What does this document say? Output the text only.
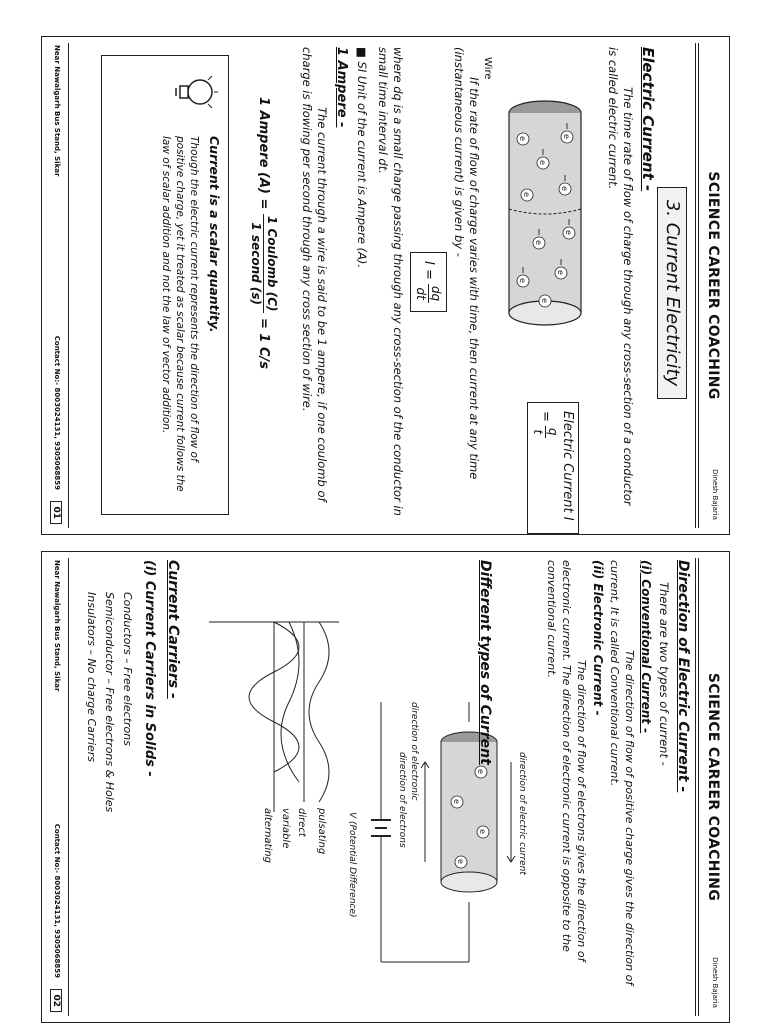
SCIENCE CAREER COACHING
Dinesh Bajaria
3. Current Electricity
Electric Current -
The time rate of flow of charge through any cross-section of a conductor is called electric current.
e
e
e
e
e
e
e
e
e
e
Wire
Electric Current I =
q
t
If the rate of flow of charge varies with time, then current at any time (instantaneous current) is given by -
I =
dq
dt
where dq is a small charge passing through any cross-section of the conductor in small time interval dt.
■ SI Unit of the current is Ampere (A).
1 Ampere -
The current through a wire is said to be 1 ampere, if one coulomb of charge is flowing per second through any cross section of wire.
1 Ampere (A) =
1 Coulomb (C)
1 second (s)
= 1 C/s
Current is a scalar quantity.
Though the electric current represents the direction of flow of positive charge, yet it treated as scalar because current follows the law of scalar addition and not the law of vector addition.
Near Nawalgarh Bus Stand, Sikar
Contact No:- 8003024131, 9305068859
01
SCIENCE CAREER COACHING
Dinesh Bajaria
Direction of Electric Current -
There are two types of current -
(i) Conventional Current -
The direction of flow of positive charge gives the direction of current, It is called Conventional current.
(ii) Electronic Current -
The direction of flow of electrons gives the direction of electronic current. The direction of electronic current is opposite to the conventional current.
e
e
e
e	direction of electric current
direction of electronic
direction of electrons
V (Potential Difference)
Different types of Current
pulsating
direct
variable
alternating
Current Carriers -
(i) Current Carriers in Solids -
Conductors – Free electrons
Semiconductor – Free electrons & Holes
Insulators – No charge Carriers
Near Nawalgarh Bus Stand, Sikar
Contact No:- 8003024131, 9305068859
02
